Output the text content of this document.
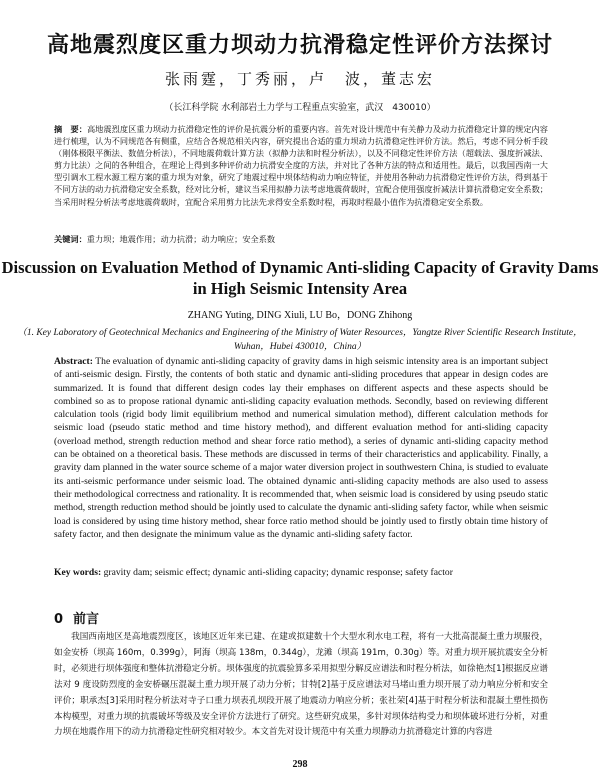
高地震烈度区重力坝动力抗滑稳定性评价方法探讨
张雨霆，丁秀丽，卢　波，董志宏
（长江科学院 水利部岩土力学与工程重点实验室，武汉　430010）
摘　要：高地震烈度区重力坝动力抗滑稳定性的评价是抗震分析的重要内容。首先对设计规范中有关静力及动力抗滑稳定计算的规定内容进行梳理，认为不同规范各有侧重，应结合各规范相关内容，研究提出合适的重力坝动力抗滑稳定性评价方法。然后，考虑不同分析手段（刚体极限平衡法、数值分析法），不同地震荷载计算方法（拟静力法和时程分析法），以及不同稳定性评价方法（超载法、强度折减法、剪力比法）之间的各种组合，在理论上得到多种评价动力抗滑安全度的方法，并对比了各种方法的特点和适用性。最后，以我国西南一大型引调水工程水源工程方案的重力坝为对象，研究了地震过程中坝体结构动力响应特征，并使用各种动力抗滑稳定性评价方法，得到基于不同方法的动力抗滑稳定安全系数，经对比分析，建议当采用拟静力法考虑地震荷载时，宜配合使用强度折减法计算抗滑稳定安全系数；当采用时程分析法考虑地震荷载时，宜配合采用剪力比法先求得安全系数时程，再取时程最小值作为抗滑稳定安全系数。
关键词：重力坝；地震作用；动力抗滑；动力响应；安全系数
Discussion on Evaluation Method of Dynamic Anti-sliding Capacity of Gravity Dams in High Seismic Intensity Area
ZHANG Yuting, DING Xiuli, LU Bo，DONG Zhihong
（1. Key Laboratory of Geotechnical Mechanics and Engineering of the Ministry of Water Resources，Yangtze River Scientific Research Institute，Wuhan，Hubei 430010，China）
Abstract: The evaluation of dynamic anti-sliding capacity of gravity dams in high seismic intensity area is an important subject of anti-seismic design. Firstly, the contents of both static and dynamic anti-sliding procedures that appear in design codes are summarized. It is found that different design codes lay their emphases on different aspects and these aspects should be combined so as to propose rational dynamic anti-sliding capacity evaluation methods. Secondly, based on reviewing different calculation tools (rigid body limit equilibrium method and numerical simulation method), different calculation methods for seismic load (pseudo static method and time history method), and different evaluation method for anti-sliding capacity (overload method, strength reduction method and shear force ratio method), a series of dynamic anti-sliding capacity method can be obtained on a theoretical basis. These methods are discussed in terms of their characteristics and applicability. Finally, a gravity dam planned in the water source scheme of a major water diversion project in southwestern China, is studied to evaluate its anti-seismic performance under seismic load. The obtained dynamic anti-sliding capacity methods are also used to assess their methodological correctness and rationality. It is recommended that, when seismic load is considered by using pseudo static method, strength reduction method should be jointly used to calculate the dynamic anti-sliding safety factor, while when seismic load is considered by using time history method, shear force ratio method should be jointly used to firstly obtain time history of safety factor, and then designate the minimum value as the dynamic anti-sliding safety factor.
Key words: gravity dam; seismic effect; dynamic anti-sliding capacity; dynamic response; safety factor
0 前言
我国西南地区是高地震烈度区，该地区近年来已建、在建或拟建数十个大型水利水电工程，将有一大批高混凝土重力坝服役，如金安桥（坝高 160m，0.399g），阿海（坝高 138m，0.344g），龙滩（坝高 191m，0.30g）等。对重力坝开展抗震安全分析时，必须进行坝体强度和整体抗滑稳定分析。坝体强度的抗震验算多采用拟型分解反应谱法和时程分析法，如徐艳杰[1]根据反应谱法对 9 度设防烈度的金安桥碾压混凝土重力坝开展了动力分析；甘特[2]基于反应谱法对马堵山重力坝开展了动力响应分析和安全评价；职承杰[3]采用时程分析法对寺子口重力坝表孔坝段开展了地震动力响应分析；张社荣[4]基于时程分析法和混凝土塑性损伤本构模型，对重力坝的抗震破坏等级及安全评价方法进行了研究。这些研究成果，多针对坝体结构受力和坝体破坏进行分析，对重力坝在地震作用下的动力抗滑稳定性研究相对较少。本文首先对设计规范中有关重力坝静动力抗滑稳定计算的内容进
298
